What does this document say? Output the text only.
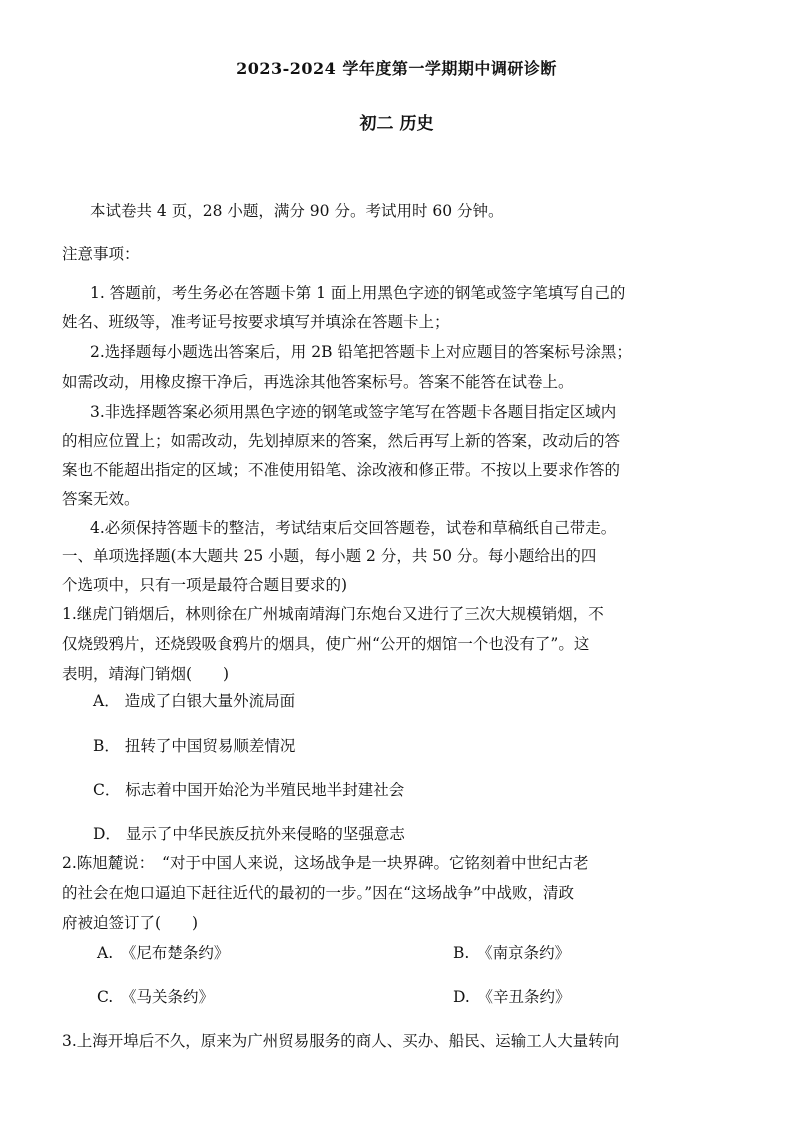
2023-2024 学年度第一学期期中调研诊断
初二 历史
本试卷共 4 页，28 小题，满分 90 分。考试用时 60 分钟。
注意事项：
1. 答题前，考生务必在答题卡第 1 面上用黑色字迹的钢笔或签字笔填写自己的
姓名、班级等，准考证号按要求填写并填涂在答题卡上；
2.选择题每小题选出答案后，用 2B 铅笔把答题卡上对应题目的答案标号涂黑；
如需改动，用橡皮擦干净后，再选涂其他答案标号。答案不能答在试卷上。
3.非选择题答案必须用黑色字迹的钢笔或签字笔写在答题卡各题目指定区域内
的相应位置上；如需改动，先划掉原来的答案，然后再写上新的答案，改动后的答
案也不能超出指定的区域；不准使用铅笔、涂改液和修正带。不按以上要求作答的
答案无效。
4.必须保持答题卡的整洁，考试结束后交回答题卷，试卷和草稿纸自己带走。
一、单项选择题(本大题共 25 小题，每小题 2 分，共 50 分。每小题给出的四
个选项中，只有一项是最符合题目要求的)
1.继虎门销烟后，林则徐在广州城南靖海门东炮台又进行了三次大规模销烟，不
仅烧毁鸦片，还烧毁吸食鸦片的烟具，使广州“公开的烟馆一个也没有了”。这
表明，靖海门销烟(　　)
A． 造成了白银大量外流局面
B． 扭转了中国贸易顺差情况
C． 标志着中国开始沦为半殖民地半封建社会
D． 显示了中华民族反抗外来侵略的坚强意志
2.陈旭麓说：　“对于中国人来说，这场战争是一块界碑。它铭刻着中世纪古老
的社会在炮口逼迫下赶往近代的最初的一步。”因在“这场战争”中战败，清政
府被迫签订了(　　)
A.　《尼布楚条约》	B.　《南京条约》
C.　《马关条约》	D.　《辛丑条约》
3.上海开埠后不久，原来为广州贸易服务的商人、买办、船民、运输工人大量转向
